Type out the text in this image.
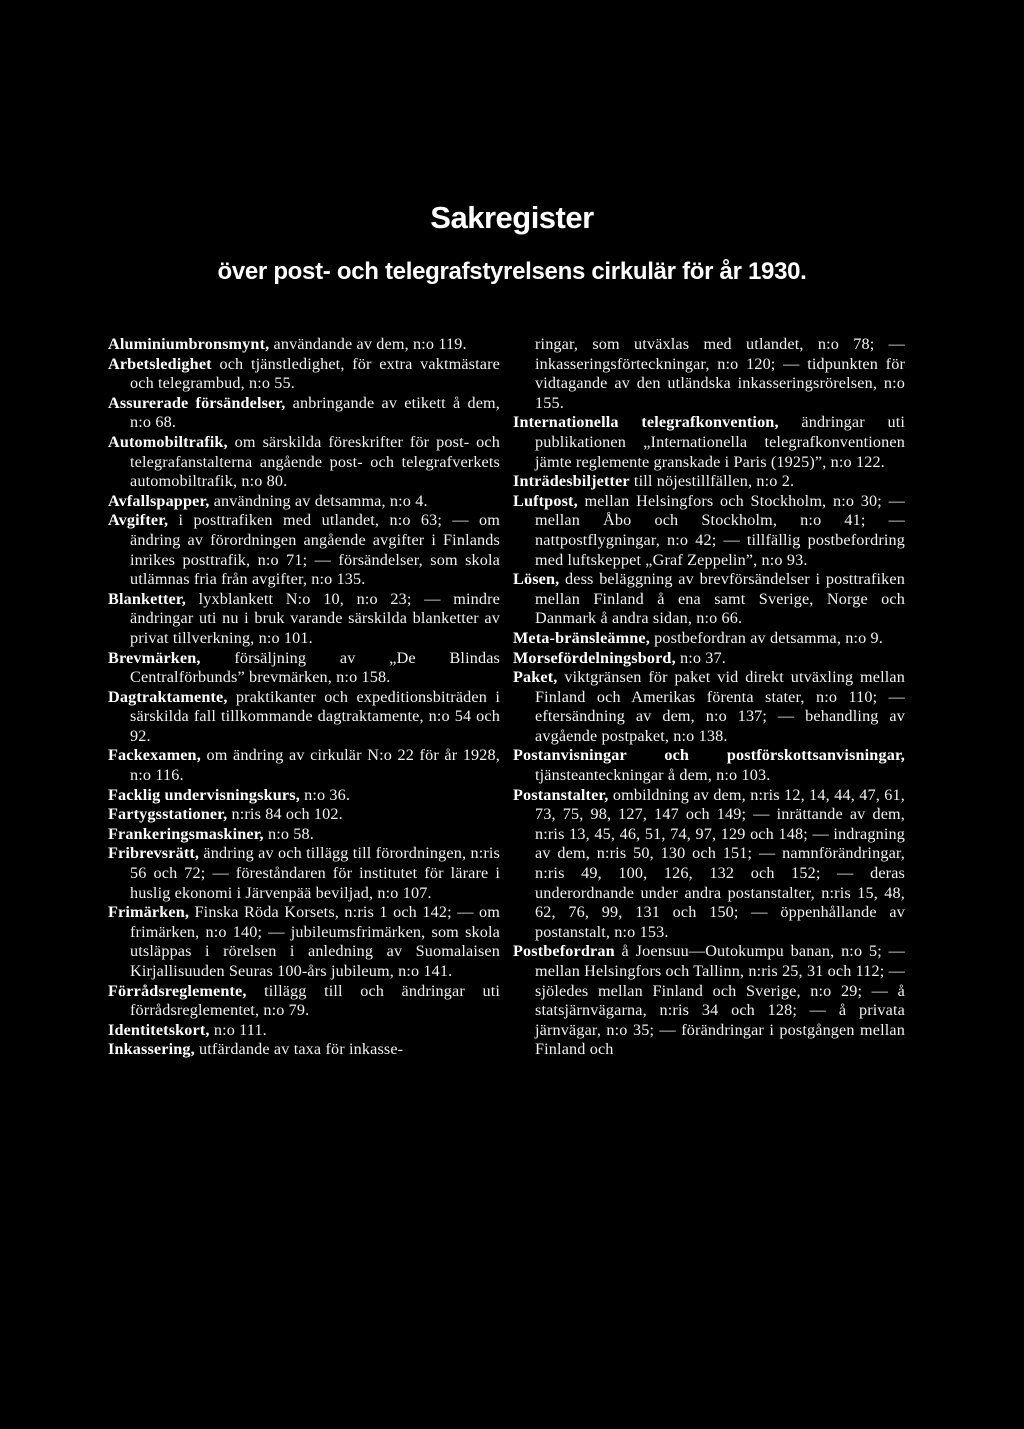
Sakregister
över post- och telegrafstyrelsens cirkulär för år 1930.

Aluminiumbronsmynt, användande av dem, n:o 119.

Arbetsledighet och tjänstledighet, för extra vaktmästare och telegrambud, n:o 55.

Assurerade försändelser, anbringande av etikett å dem, n:o 68.

Automobiltrafik, om särskilda föreskrifter för post- och telegrafanstalterna angående post- och telegrafverkets automobiltrafik, n:o 80.

Avfallspapper, användning av detsamma, n:o 4.

Avgifter, i posttrafiken med utlandet, n:o 63; — om ändring av förordningen angående avgifter i Finlands inrikes posttrafik, n:o 71; — försändelser, som skola utlämnas fria från avgifter, n:o 135.

Blanketter, lyxblankett N:o 10, n:o 23; — mindre ändringar uti nu i bruk varande särskilda blanketter av privat tillverkning, n:o 101.

Brevmärken, försäljning av „De Blindas Centralförbunds” brevmärken, n:o 158.

Dagtraktamente, praktikanter och expeditionsbiträden i särskilda fall tillkommande dagtraktamente, n:o 54 och 92.

Fackexamen, om ändring av cirkulär N:o 22 för år 1928, n:o 116.

Facklig undervisningskurs, n:o 36.

Fartygsstationer, n:ris 84 och 102.

Frankeringsmaskiner, n:o 58.

Fribrevsrätt, ändring av och tillägg till förordningen, n:ris 56 och 72; — föreståndaren för institutet för lärare i huslig ekonomi i Järvenpää beviljad, n:o 107.

Frimärken, Finska Röda Korsets, n:ris 1 och 142; — om frimärken, n:o 140; — jubileumsfrimärken, som skola utsläppas i rörelsen i anledning av Suomalaisen Kirjallisuuden Seuras 100-års jubileum, n:o 141.

Förrådsreglemente, tillägg till och ändringar uti förrådsreglementet, n:o 79.

Identitetskort, n:o 111.

Inkassering, utfärdande av taxa för inkasse-

ringar, som utväxlas med utlandet, n:o 78; — inkasseringsförteckningar, n:o 120; — tidpunkten för vidtagande av den utländska inkasseringsrörelsen, n:o 155.

Internationella telegrafkonvention, ändringar uti publikationen „Internationella telegrafkonventionen jämte reglemente granskade i Paris (1925)”, n:o 122.

Inträdesbiljetter till nöjestillfällen, n:o 2.

Luftpost, mellan Helsingfors och Stockholm, n:o 30; — mellan Åbo och Stockholm, n:o 41; — nattpostflygningar, n:o 42; — tillfällig postbefordring med luftskeppet „Graf Zeppelin”, n:o 93.

Lösen, dess beläggning av brevförsändelser i posttrafiken mellan Finland å ena samt Sverige, Norge och Danmark å andra sidan, n:o 66.

Meta-bränsleämne, postbefordran av detsamma, n:o 9.

Morsefördelningsbord, n:o 37.

Paket, viktgränsen för paket vid direkt utväxling mellan Finland och Amerikas förenta stater, n:o 110; — eftersändning av dem, n:o 137; — behandling av avgående postpaket, n:o 138.

Postanvisningar och postförskottsanvisningar, tjänsteanteckningar å dem, n:o 103.

Postanstalter, ombildning av dem, n:ris 12, 14, 44, 47, 61, 73, 75, 98, 127, 147 och 149; — inrättande av dem, n:ris 13, 45, 46, 51, 74, 97, 129 och 148; — indragning av dem, n:ris 50, 130 och 151; — namnförändringar, n:ris 49, 100, 126, 132 och 152; — deras underordnande under andra postanstalter, n:ris 15, 48, 62, 76, 99, 131 och 150; — öppenhållande av postanstalt, n:o 153.

Postbefordran å Joensuu—Outokumpu banan, n:o 5; — mellan Helsingfors och Tallinn, n:ris 25, 31 och 112; — sjöledes mellan Finland och Sverige, n:o 29; — å statsjärnvägarna, n:ris 34 och 128; — å privata järnvägar, n:o 35; — förändringar i postgången mellan Finland och
